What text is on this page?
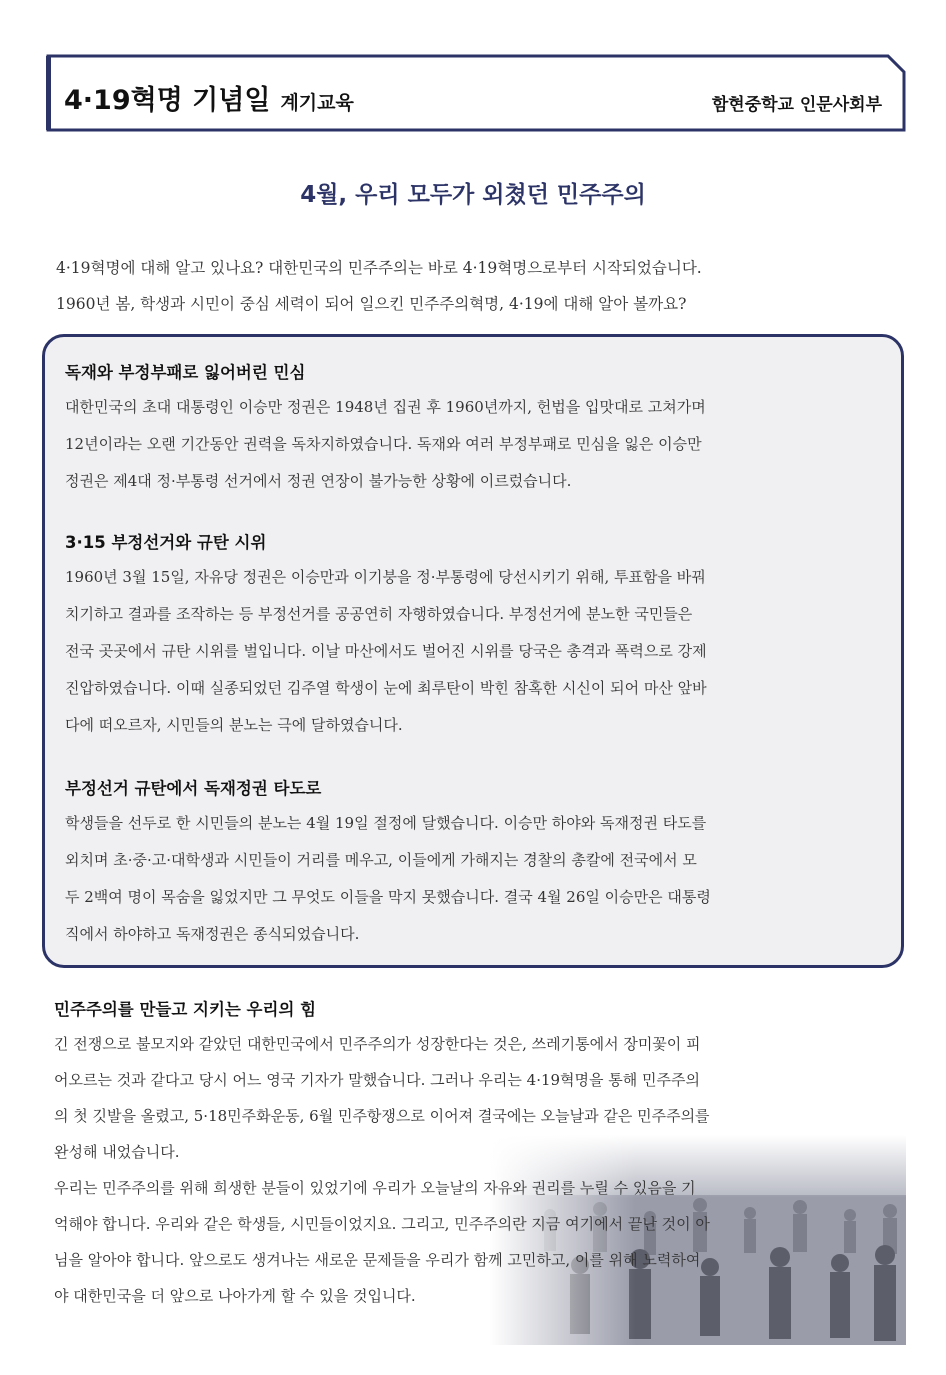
4·19혁명 기념일 계기교육	함현중학교 인문사회부
4월, 우리 모두가 외쳤던 민주주의

4·19혁명에 대해 알고 있나요? 대한민국의 민주주의는 바로 4·19혁명으로부터 시작되었습니다.

1960년 봄, 학생과 시민이 중심 세력이 되어 일으킨 민주주의혁명, 4·19에 대해 알아 볼까요?

독재와 부정부패로 잃어버린 민심

대한민국의 초대 대통령인 이승만 정권은 1948년 집권 후 1960년까지, 헌법을 입맛대로 고쳐가며
12년이라는 오랜 기간동안 권력을 독차지하였습니다. 독재와 여러 부정부패로 민심을 잃은 이승만
정권은 제4대 정·부통령 선거에서 정권 연장이 불가능한 상황에 이르렀습니다.

3·15 부정선거와 규탄 시위

1960년 3월 15일, 자유당 정권은 이승만과 이기붕을 정·부통령에 당선시키기 위해, 투표함을 바꿔
치기하고 결과를 조작하는 등 부정선거를 공공연히 자행하였습니다. 부정선거에 분노한 국민들은
전국 곳곳에서 규탄 시위를 벌입니다. 이날 마산에서도 벌어진 시위를 당국은 총격과 폭력으로 강제
진압하였습니다. 이때 실종되었던 김주열 학생이 눈에 최루탄이 박힌 참혹한 시신이 되어 마산 앞바
다에 떠오르자, 시민들의 분노는 극에 달하였습니다.

부정선거 규탄에서 독재정권 타도로

학생들을 선두로 한 시민들의 분노는 4월 19일 절정에 달했습니다. 이승만 하야와 독재정권 타도를
외치며 초·중·고·대학생과 시민들이 거리를 메우고, 이들에게 가해지는 경찰의 총칼에 전국에서 모
두 2백여 명이 목숨을 잃었지만 그 무엇도 이들을 막지 못했습니다. 결국 4월 26일 이승만은 대통령
직에서 하야하고 독재정권은 종식되었습니다.

민주주의를 만들고 지키는 우리의 힘

긴 전쟁으로 불모지와 같았던 대한민국에서 민주주의가 성장한다는 것은, 쓰레기통에서 장미꽃이 피
어오르는 것과 같다고 당시 어느 영국 기자가 말했습니다. 그러나 우리는 4·19혁명을 통해 민주주의
의 첫 깃발을 올렸고, 5·18민주화운동, 6월 민주항쟁으로 이어져 결국에는 오늘날과 같은 민주주의를
완성해 내었습니다.
우리는 민주주의를 위해 희생한 분들이 있었기에 우리가 오늘날의 자유와 권리를 누릴 수 있음을 기
억해야 합니다. 우리와 같은 학생들, 시민들이었지요. 그리고, 민주주의란 지금 여기에서 끝난 것이 아
님을 알아야 합니다. 앞으로도 생겨나는 새로운 문제들을 우리가 함께 고민하고, 이를 위해 노력하여
야 대한민국을 더 앞으로 나아가게 할 수 있을 것입니다.
